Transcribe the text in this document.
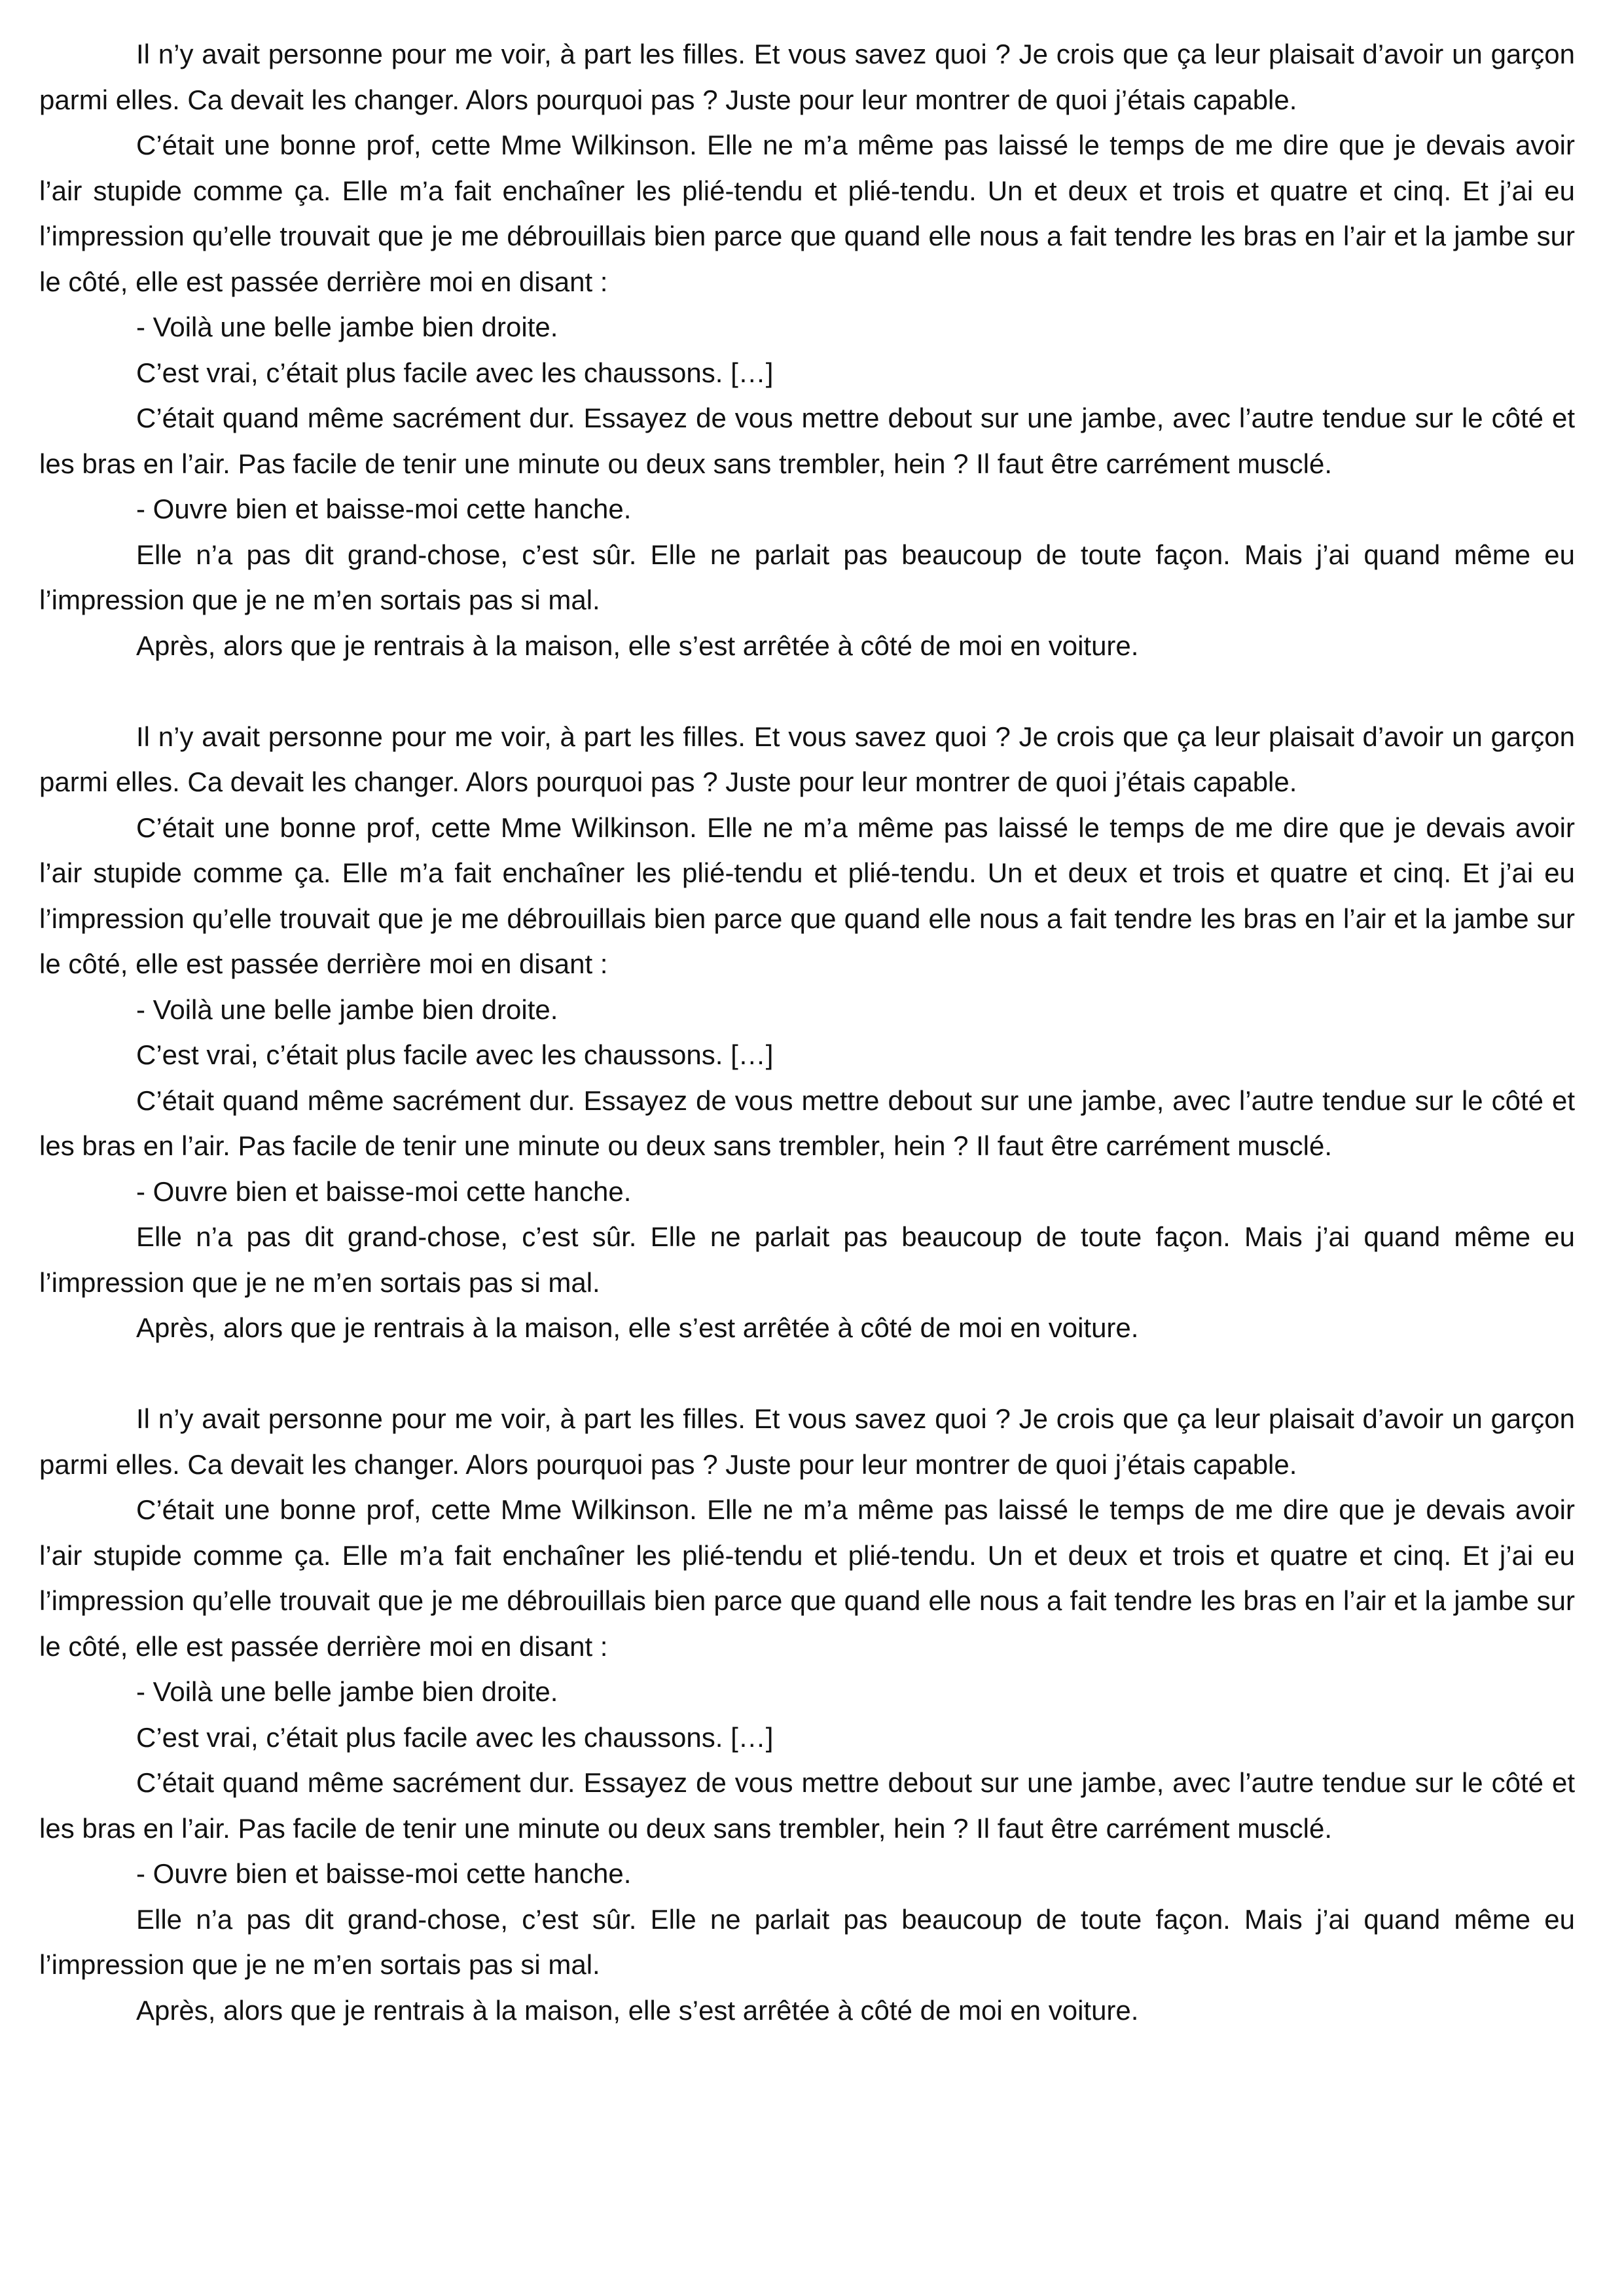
Il n’y avait personne pour me voir, à part les filles. Et vous savez quoi ? Je crois que ça leur plaisait d’avoir un garçon parmi elles. Ca devait les changer. Alors pourquoi pas ? Juste pour leur montrer de quoi j’étais capable.

C’était une bonne prof, cette Mme Wilkinson. Elle ne m’a même pas laissé le temps de me dire que je devais avoir l’air stupide comme ça. Elle m’a fait enchaîner les plié-tendu et plié-tendu. Un et deux et trois et quatre et cinq. Et j’ai eu l’impression qu’elle trouvait que je me débrouillais bien parce que quand elle nous a fait tendre les bras en l’air et la jambe sur le côté, elle est passée derrière moi en disant :

- Voilà une belle jambe bien droite.

C’est vrai, c’était plus facile avec les chaussons. […]

C’était quand même sacrément dur. Essayez de vous mettre debout sur une jambe, avec l’autre tendue sur le côté et les bras en l’air. Pas facile de tenir une minute ou deux sans trembler, hein ? Il faut être carrément musclé.

- Ouvre bien et baisse-moi cette hanche.

Elle n’a pas dit grand-chose, c’est sûr. Elle ne parlait pas beaucoup de toute façon. Mais j’ai quand même eu l’impression que je ne m’en sortais pas si mal.

Après, alors que je rentrais à la maison, elle s’est arrêtée à côté de moi en voiture.

Il n’y avait personne pour me voir, à part les filles. Et vous savez quoi ? Je crois que ça leur plaisait d’avoir un garçon parmi elles. Ca devait les changer. Alors pourquoi pas ? Juste pour leur montrer de quoi j’étais capable.

C’était une bonne prof, cette Mme Wilkinson. Elle ne m’a même pas laissé le temps de me dire que je devais avoir l’air stupide comme ça. Elle m’a fait enchaîner les plié-tendu et plié-tendu. Un et deux et trois et quatre et cinq. Et j’ai eu l’impression qu’elle trouvait que je me débrouillais bien parce que quand elle nous a fait tendre les bras en l’air et la jambe sur le côté, elle est passée derrière moi en disant :

- Voilà une belle jambe bien droite.

C’est vrai, c’était plus facile avec les chaussons. […]

C’était quand même sacrément dur. Essayez de vous mettre debout sur une jambe, avec l’autre tendue sur le côté et les bras en l’air. Pas facile de tenir une minute ou deux sans trembler, hein ? Il faut être carrément musclé.

- Ouvre bien et baisse-moi cette hanche.

Elle n’a pas dit grand-chose, c’est sûr. Elle ne parlait pas beaucoup de toute façon. Mais j’ai quand même eu l’impression que je ne m’en sortais pas si mal.

Après, alors que je rentrais à la maison, elle s’est arrêtée à côté de moi en voiture.

Il n’y avait personne pour me voir, à part les filles. Et vous savez quoi ? Je crois que ça leur plaisait d’avoir un garçon parmi elles. Ca devait les changer. Alors pourquoi pas ? Juste pour leur montrer de quoi j’étais capable.

C’était une bonne prof, cette Mme Wilkinson. Elle ne m’a même pas laissé le temps de me dire que je devais avoir l’air stupide comme ça. Elle m’a fait enchaîner les plié-tendu et plié-tendu. Un et deux et trois et quatre et cinq. Et j’ai eu l’impression qu’elle trouvait que je me débrouillais bien parce que quand elle nous a fait tendre les bras en l’air et la jambe sur le côté, elle est passée derrière moi en disant :

- Voilà une belle jambe bien droite.

C’est vrai, c’était plus facile avec les chaussons. […]

C’était quand même sacrément dur. Essayez de vous mettre debout sur une jambe, avec l’autre tendue sur le côté et les bras en l’air. Pas facile de tenir une minute ou deux sans trembler, hein ? Il faut être carrément musclé.

- Ouvre bien et baisse-moi cette hanche.

Elle n’a pas dit grand-chose, c’est sûr. Elle ne parlait pas beaucoup de toute façon. Mais j’ai quand même eu l’impression que je ne m’en sortais pas si mal.

Après, alors que je rentrais à la maison, elle s’est arrêtée à côté de moi en voiture.
